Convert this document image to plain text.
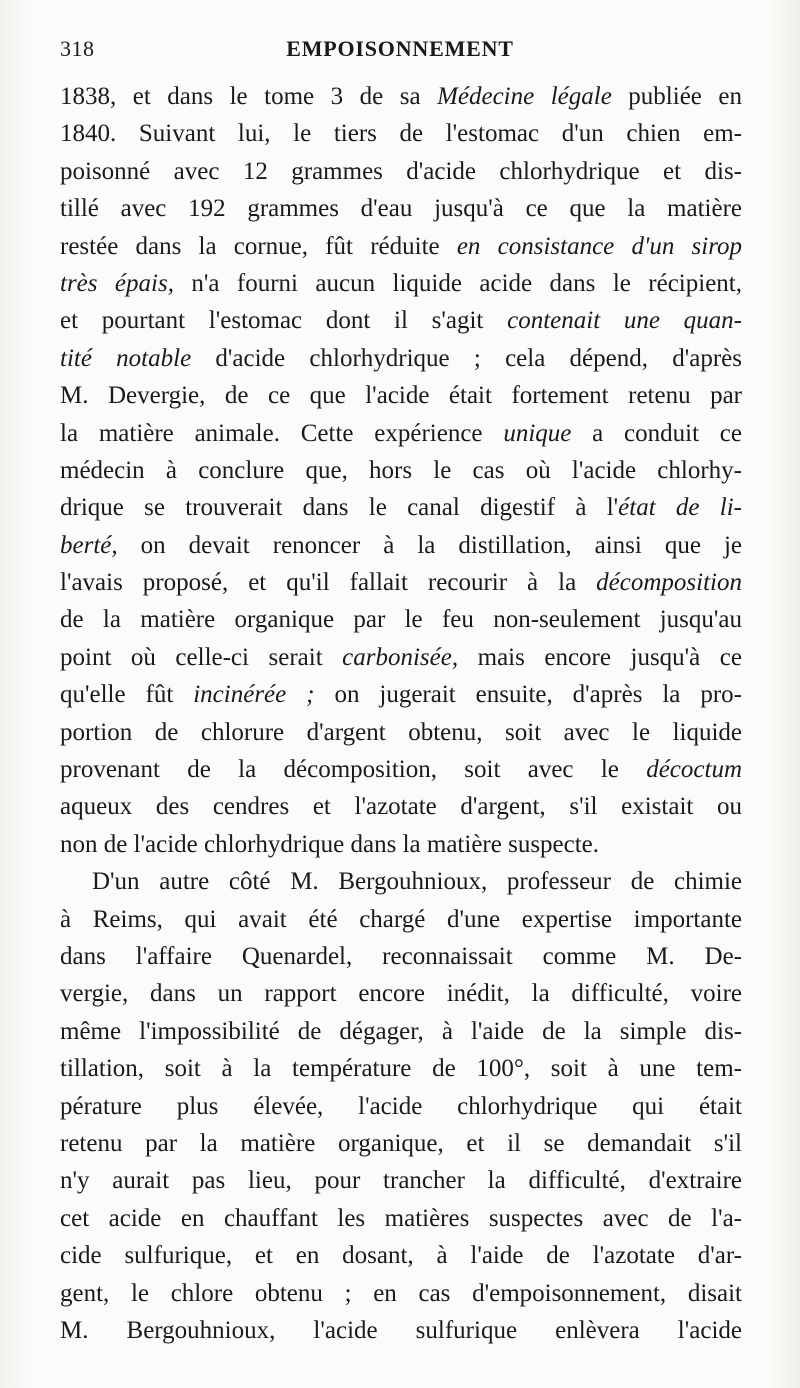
318	EMPOISONNEMENT
1838, et dans le tome 3 de sa Médecine légale publiée en
1840. Suivant lui, le tiers de l'estomac d'un chien em-
poisonné avec 12 grammes d'acide chlorhydrique et dis-
tillé avec 192 grammes d'eau jusqu'à ce que la matière
restée dans la cornue, fût réduite en consistance d'un sirop
très épais, n'a fourni aucun liquide acide dans le récipient,
et pourtant l'estomac dont il s'agit contenait une quan-
tité notable d'acide chlorhydrique ; cela dépend, d'après
M. Devergie, de ce que l'acide était fortement retenu par
la matière animale. Cette expérience unique a conduit ce
médecin à conclure que, hors le cas où l'acide chlorhy-
drique se trouverait dans le canal digestif à l'état de li-
berté, on devait renoncer à la distillation, ainsi que je
l'avais proposé, et qu'il fallait recourir à la décomposition
de la matière organique par le feu non-seulement jusqu'au
point où celle-ci serait carbonisée, mais encore jusqu'à ce
qu'elle fût incinérée ; on jugerait ensuite, d'après la pro-
portion de chlorure d'argent obtenu, soit avec le liquide
provenant de la décomposition, soit avec le décoctum
aqueux des cendres et l'azotate d'argent, s'il existait ou
non de l'acide chlorhydrique dans la matière suspecte.
D'un autre côté M. Bergouhnioux, professeur de chimie
à Reims, qui avait été chargé d'une expertise importante
dans l'affaire Quenardel, reconnaissait comme M. De-
vergie, dans un rapport encore inédit, la difficulté, voire
même l'impossibilité de dégager, à l'aide de la simple dis-
tillation, soit à la température de 100°, soit à une tem-
pérature plus élevée, l'acide chlorhydrique qui était
retenu par la matière organique, et il se demandait s'il
n'y aurait pas lieu, pour trancher la difficulté, d'extraire
cet acide en chauffant les matières suspectes avec de l'a-
cide sulfurique, et en dosant, à l'aide de l'azotate d'ar-
gent, le chlore obtenu ; en cas d'empoisonnement, disait
M. Bergouhnioux, l'acide sulfurique enlèvera l'acide
